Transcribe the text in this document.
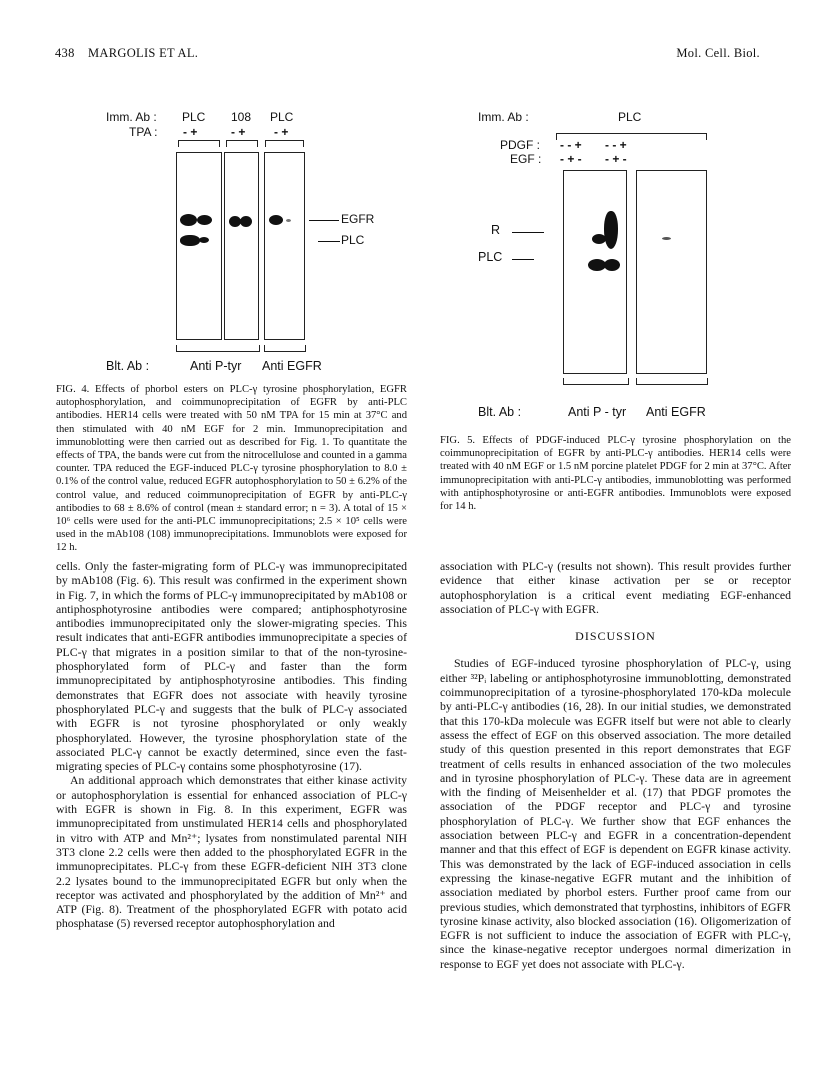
438 MARGOLIS ET AL.	Mol. Cell. Biol.
Imm. Ab : PLC 108 PLC
TPA : - +	- + - +
EGFR
PLC
Blt. Ab :	Anti P-tyr Anti EGFR
FIG. 4. Effects of phorbol esters on PLC-γ tyrosine phosphorylation, EGFR autophosphorylation, and coimmunoprecipitation of EGFR by anti-PLC antibodies. HER14 cells were treated with 50 nM TPA for 15 min at 37°C and then stimulated with 40 nM EGF for 2 min. Immunoprecipitation and immunoblotting were then carried out as described for Fig. 1. To quantitate the effects of TPA, the bands were cut from the nitrocellulose and counted in a gamma counter. TPA reduced the EGF-induced PLC-γ tyrosine phosphorylation to 8.0 ± 0.1% of the control value, reduced EGFR autophosphorylation to 50 ± 6.2% of the control value, and reduced coimmunoprecipitation of EGFR by anti-PLC-γ antibodies to 68 ± 8.6% of control (mean ± standard error; n = 3). A total of 15 × 10⁶ cells were used for the anti-PLC immunoprecipitations; 2.5 × 10⁵ cells were used in the mAb108 (108) immunoprecipitations. Immunoblots were exposed for 12 h.
Imm. Ab :	PLC
PDGF : - - +       - - +
EGF : - + -       - + -
R
PLC
Blt. Ab :	Anti P - tyr Anti EGFR
FIG. 5. Effects of PDGF-induced PLC-γ tyrosine phosphorylation on the coimmunoprecipitation of EGFR by anti-PLC-γ antibodies. HER14 cells were treated with 40 nM EGF or 1.5 nM porcine platelet PDGF for 2 min at 37°C. After immunoprecipitation with anti-PLC-γ antibodies, immunoblotting was performed with antiphosphotyrosine or anti-EGFR antibodies. Immunoblots were exposed for 14 h.

cells. Only the faster-migrating form of PLC-γ was immunoprecipitated by mAb108 (Fig. 6). This result was confirmed in the experiment shown in Fig. 7, in which the forms of PLC-γ immunoprecipitated by mAb108 or antiphosphotyrosine antibodies were compared; antiphosphotyrosine antibodies immunoprecipitated only the slower-migrating species. This result indicates that anti-EGFR antibodies immunoprecipitate a species of PLC-γ that migrates in a position similar to that of the non-tyrosine-phosphorylated form of PLC-γ and faster than the form immunoprecipitated by antiphosphotyrosine antibodies. This finding demonstrates that EGFR does not associate with heavily tyrosine phosphorylated PLC-γ and suggests that the bulk of PLC-γ associated with EGFR is not tyrosine phosphorylated or only weakly phosphorylated. However, the tyrosine phosphorylation state of the associated PLC-γ cannot be exactly determined, since even the fast-migrating species of PLC-γ contains some phosphotyrosine (17).

An additional approach which demonstrates that either kinase activity or autophosphorylation is essential for enhanced association of PLC-γ with EGFR is shown in Fig. 8. In this experiment, EGFR was immunoprecipitated from unstimulated HER14 cells and phosphorylated in vitro with ATP and Mn²⁺; lysates from nonstimulated parental NIH 3T3 clone 2.2 cells were then added to the phosphorylated EGFR in the immunoprecipitates. PLC-γ from these EGFR-deficient NIH 3T3 clone 2.2 lysates bound to the immunoprecipitated EGFR but only when the receptor was activated and phosphorylated by the addition of Mn²⁺ and ATP (Fig. 8). Treatment of the phosphorylated EGFR with potato acid phosphatase (5) reversed receptor autophosphorylation and

association with PLC-γ (results not shown). This result provides further evidence that either kinase activation per se or receptor autophosphorylation is a critical event mediating EGF-enhanced association of PLC-γ with EGFR.

DISCUSSION

Studies of EGF-induced tyrosine phosphorylation of PLC-γ, using either ³²Pᵢ labeling or antiphosphotyrosine immunoblotting, demonstrated coimmunoprecipitation of a tyrosine-phosphorylated 170-kDa molecule by anti-PLC-γ antibodies (16, 28). In our initial studies, we demonstrated that this 170-kDa molecule was EGFR itself but were not able to clearly assess the effect of EGF on this observed association. The more detailed study of this question presented in this report demonstrates that EGF treatment of cells results in enhanced association of the two molecules and in tyrosine phosphorylation of PLC-γ. These data are in agreement with the finding of Meisenhelder et al. (17) that PDGF promotes the association of the PDGF receptor and PLC-γ and tyrosine phosphorylation of PLC-γ. We further show that EGF enhances the association between PLC-γ and EGFR in a concentration-dependent manner and that this effect of EGF is dependent on EGFR kinase activity. This was demonstrated by the lack of EGF-induced association in cells expressing the kinase-negative EGFR mutant and the inhibition of association mediated by phorbol esters. Further proof came from our previous studies, which demonstrated that tyrphostins, inhibitors of EGFR tyrosine kinase activity, also blocked association (16). Oligomerization of EGFR is not sufficient to induce the association of EGFR with PLC-γ, since the kinase-negative receptor undergoes normal dimerization in response to EGF yet does not associate with PLC-γ.
